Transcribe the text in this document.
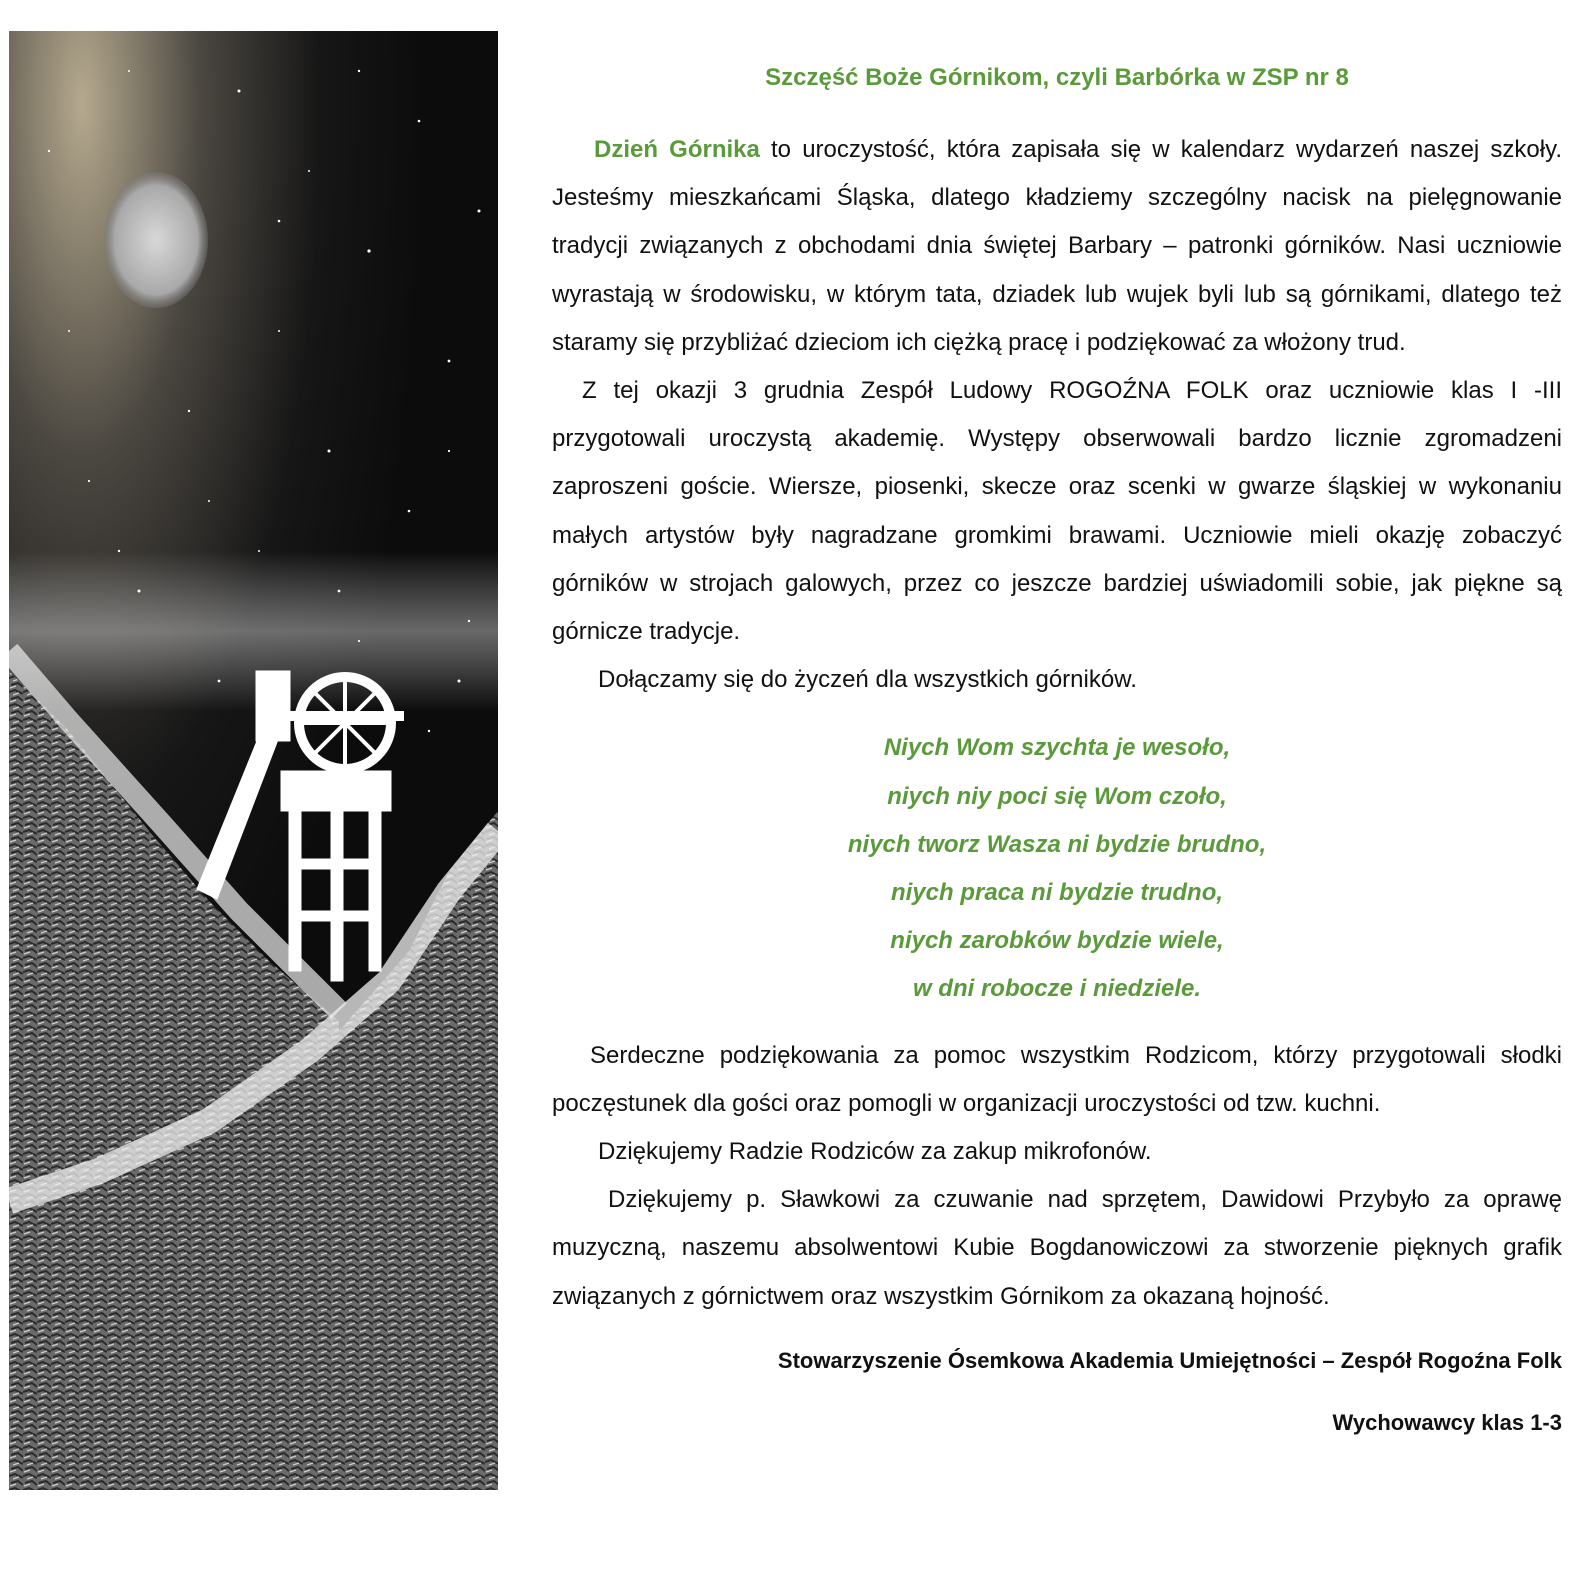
Szczęść Boże Górnikom, czyli Barbórka w ZSP nr 8

Dzień Górnika to uroczystość, która zapisała się w kalendarz wydarzeń naszej szkoły. Jesteśmy mieszkańcami Śląska, dlatego kładziemy szczególny nacisk na pielęgnowanie tradycji związanych z obchodami dnia świętej Barbary – patronki górników. Nasi uczniowie wyrastają w środowisku, w którym tata, dziadek lub wujek byli lub są górnikami, dlatego też staramy się przybliżać dzieciom ich ciężką pracę i podziękować za włożony trud.

Z tej okazji 3 grudnia Zespół Ludowy ROGOŹNA FOLK oraz uczniowie klas I -III przygotowali uroczystą akademię. Występy obserwowali bardzo licznie zgromadzeni zaproszeni goście. Wiersze, piosenki, skecze oraz scenki w gwarze śląskiej w wykonaniu małych artystów były nagradzane gromkimi brawami. Uczniowie mieli okazję zobaczyć górników w strojach galowych, przez co jeszcze bardziej uświadomili sobie, jak piękne są górnicze tradycje.

Dołączamy się do życzeń dla wszystkich górników.

Niych Wom szychta je wesoło,
niych niy poci się Wom czoło,
niych tworz Wasza ni bydzie brudno,
niych praca ni bydzie trudno,
niych zarobków bydzie wiele,
w dni robocze i niedziele.

Serdeczne podziękowania za pomoc wszystkim Rodzicom, którzy przygotowali słodki poczęstunek dla gości oraz pomogli w organizacji uroczystości od tzw. kuchni.

Dziękujemy Radzie Rodziców za zakup mikrofonów.

Dziękujemy p. Sławkowi za czuwanie nad sprzętem, Dawidowi Przybyło za oprawę muzyczną, naszemu absolwentowi Kubie Bogdanowiczowi za stworzenie pięknych grafik związanych z górnictwem oraz wszystkim Górnikom za okazaną hojność.

Stowarzyszenie Ósemkowa Akademia Umiejętności – Zespół Rogoźna Folk
Wychowawcy klas 1-3
